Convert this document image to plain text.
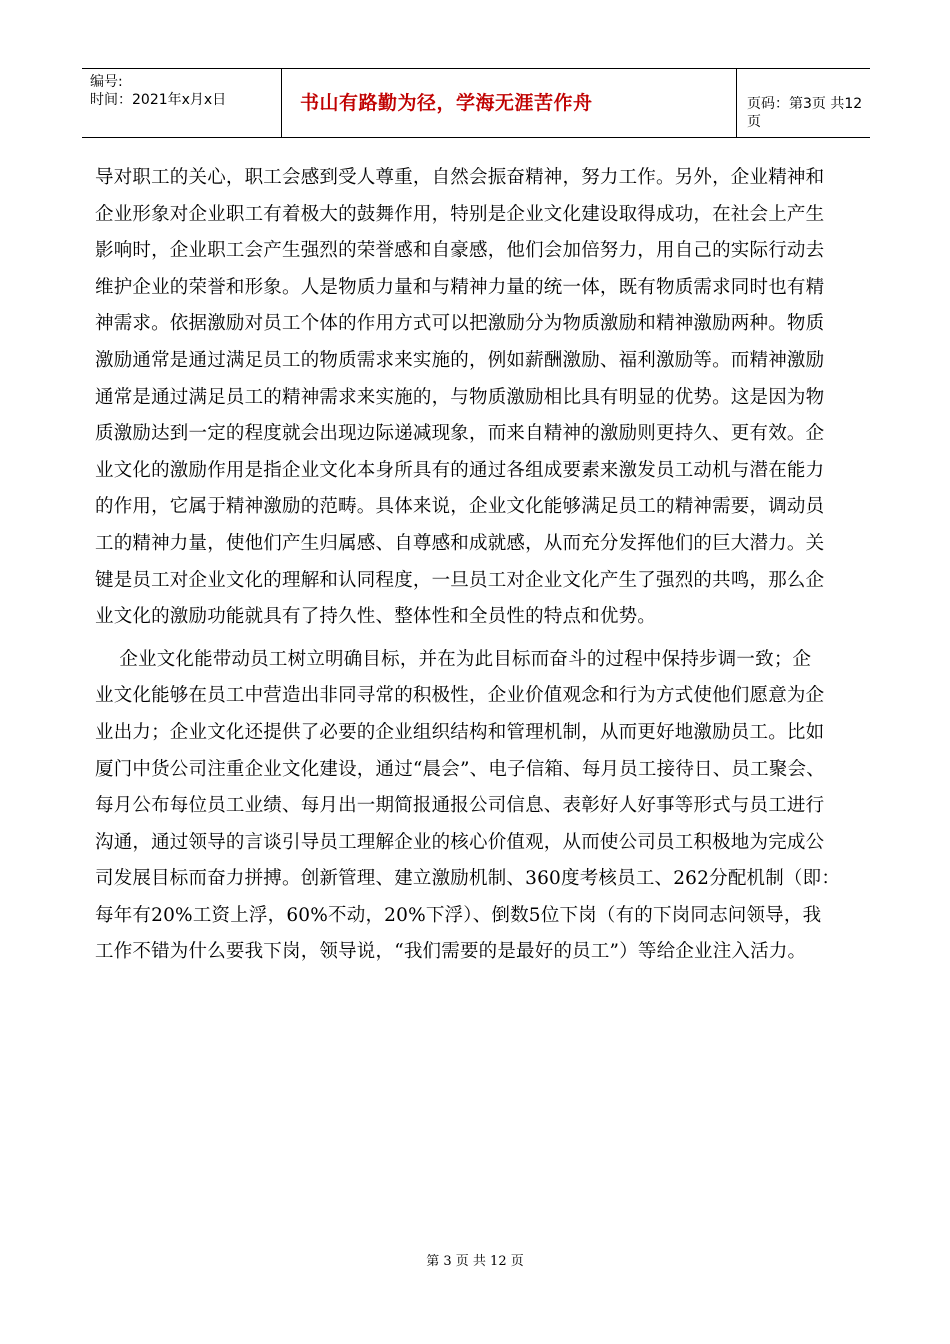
编号:
时间：2021年x月x日	书山有路勤为径，学海无涯苦作舟	页码：第3页 共12页
导对职工的关心，职工会感到受人尊重，自然会振奋精神，努力工作。另外，企业精神和
企业形象对企业职工有着极大的鼓舞作用，特别是企业文化建设取得成功，在社会上产生
影响时，企业职工会产生强烈的荣誉感和自豪感，他们会加倍努力，用自己的实际行动去
维护企业的荣誉和形象。人是物质力量和与精神力量的统一体，既有物质需求同时也有精
神需求。依据激励对员工个体的作用方式可以把激励分为物质激励和精神激励两种。物质
激励通常是通过满足员工的物质需求来实施的，例如薪酬激励、福利激励等。而精神激励
通常是通过满足员工的精神需求来实施的，与物质激励相比具有明显的优势。这是因为物
质激励达到一定的程度就会出现边际递减现象，而来自精神的激励则更持久、更有效。企
业文化的激励作用是指企业文化本身所具有的通过各组成要素来激发员工动机与潜在能力
的作用，它属于精神激励的范畴。具体来说，企业文化能够满足员工的精神需要，调动员
工的精神力量，使他们产生归属感、自尊感和成就感，从而充分发挥他们的巨大潜力。关
键是员工对企业文化的理解和认同程度，一旦员工对企业文化产生了强烈的共鸣，那么企
业文化的激励功能就具有了持久性、整体性和全员性的特点和优势。
企业文化能带动员工树立明确目标，并在为此目标而奋斗的过程中保持步调一致；企
业文化能够在员工中营造出非同寻常的积极性，企业价值观念和行为方式使他们愿意为企
业出力；企业文化还提供了必要的企业组织结构和管理机制，从而更好地激励员工。比如
厦门中货公司注重企业文化建设，通过“晨会”、电子信箱、每月员工接待日、员工聚会、
每月公布每位员工业绩、每月出一期简报通报公司信息、表彰好人好事等形式与员工进行
沟通，通过领导的言谈引导员工理解企业的核心价值观，从而使公司员工积极地为完成公
司发展目标而奋力拼搏。创新管理、建立激励机制、360度考核员工、262分配机制（即：
每年有20%工资上浮，60%不动，20%下浮）、倒数5位下岗（有的下岗同志问领导，我
工作不错为什么要我下岗，领导说，“我们需要的是最好的员工”）等给企业注入活力。
第 3 页 共 12 页
